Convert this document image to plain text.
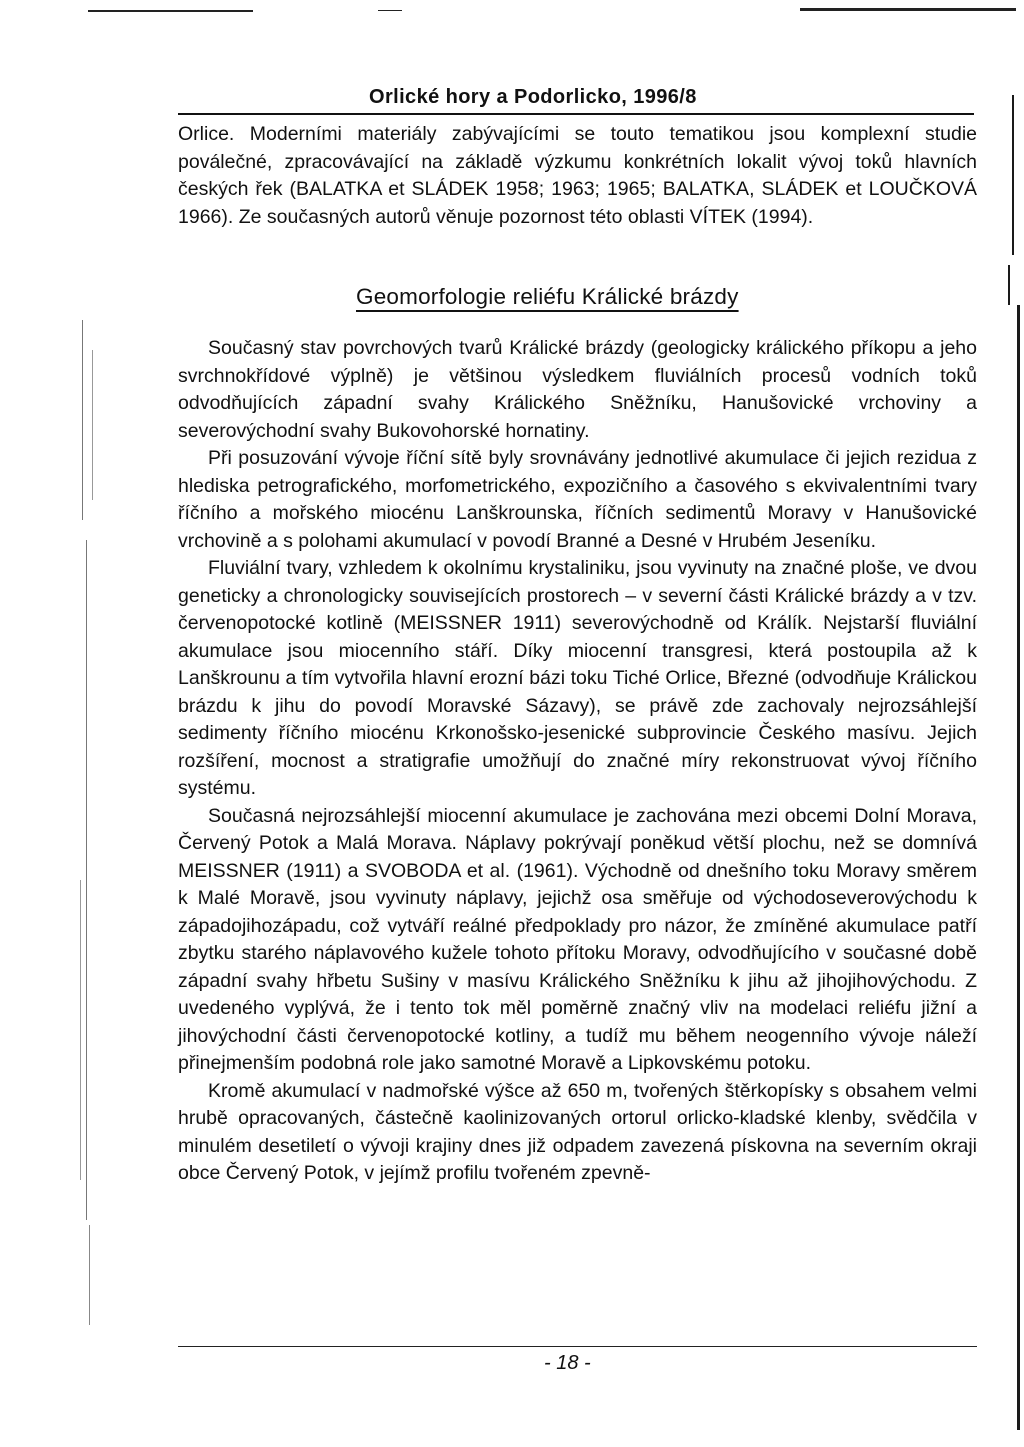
Orlické hory a Podorlicko, 1996/8

Orlice. Moderními materiály zabývajícími se touto tematikou jsou komplexní studie poválečné, zpracovávající na základě výzkumu konkrétních lokalit vývoj toků hlavních českých řek (BALATKA et SLÁDEK 1958; 1963; 1965; BALATKA, SLÁDEK et LOUČKOVÁ 1966). Ze současných autorů věnuje pozornost této oblasti VÍTEK (1994).

Geomorfologie reliéfu Králické brázdy

Současný stav povrchových tvarů Králické brázdy (geologicky králického příkopu a jeho svrchnokřídové výplně) je většinou výsledkem fluviálních procesů vodních toků odvodňujících západní svahy Králického Sněžníku, Hanušovické vrchoviny a severovýchodní svahy Bukovohorské hornatiny.

Při posuzování vývoje říční sítě byly srovnávány jednotlivé akumulace či jejich rezidua z hlediska petrografického, morfometrického, expozičního a časového s ekvivalentními tvary říčního a mořského miocénu Lanškrounska, říčních sedimentů Moravy v Hanušovické vrchovině a s polohami akumulací v povodí Branné a Desné v Hrubém Jeseníku.

Fluviální tvary, vzhledem k okolnímu krystaliniku, jsou vyvinuty na značné ploše, ve dvou geneticky a chronologicky souvisejících prostorech – v severní části Králické brázdy a v tzv. červenopotocké kotlině (MEISSNER 1911) severovýchodně od Králík. Nejstarší fluviální akumulace jsou miocenního stáří. Díky miocenní transgresi, která postoupila až k Lanškrounu a tím vytvořila hlavní erozní bázi toku Tiché Orlice, Březné (odvodňuje Králickou brázdu k jihu do povodí Moravské Sázavy), se právě zde zachovaly nejrozsáhlejší sedimenty říčního miocénu Krkonošsko-jesenické subprovincie Českého masívu. Jejich rozšíření, mocnost a stratigrafie umožňují do značné míry rekonstruovat vývoj říčního systému.

Současná nejrozsáhlejší miocenní akumulace je zachována mezi obcemi Dolní Morava, Červený Potok a Malá Morava. Náplavy pokrývají poněkud větší plochu, než se domnívá MEISSNER (1911) a SVOBODA et al. (1961). Východně od dnešního toku Moravy směrem k Malé Moravě, jsou vyvinuty náplavy, jejichž osa směřuje od východoseverovýchodu k západojihozápadu, což vytváří reálné předpoklady pro názor, že zmíněné akumulace patří zbytku starého náplavového kužele tohoto přítoku Moravy, odvodňujícího v současné době západní svahy hřbetu Sušiny v masívu Králického Sněžníku k jihu až jihojihovýchodu. Z uvedeného vyplývá, že i tento tok měl poměrně značný vliv na modelaci reliéfu jižní a jihovýchodní části červenopotocké kotliny, a tudíž mu během neogenního vývoje náleží přinejmenším podobná role jako samotné Moravě a Lipkovskému potoku.

Kromě akumulací v nadmořské výšce až 650 m, tvořených štěrkopísky s obsahem velmi hrubě opracovaných, částečně kaolinizovaných ortorul orlicko-kladské klenby, svědčila v minulém desetiletí o vývoji krajiny dnes již odpadem zavezená pískovna na severním okraji obce Červený Potok, v jejímž profilu tvořeném zpevně-

- 18 -
